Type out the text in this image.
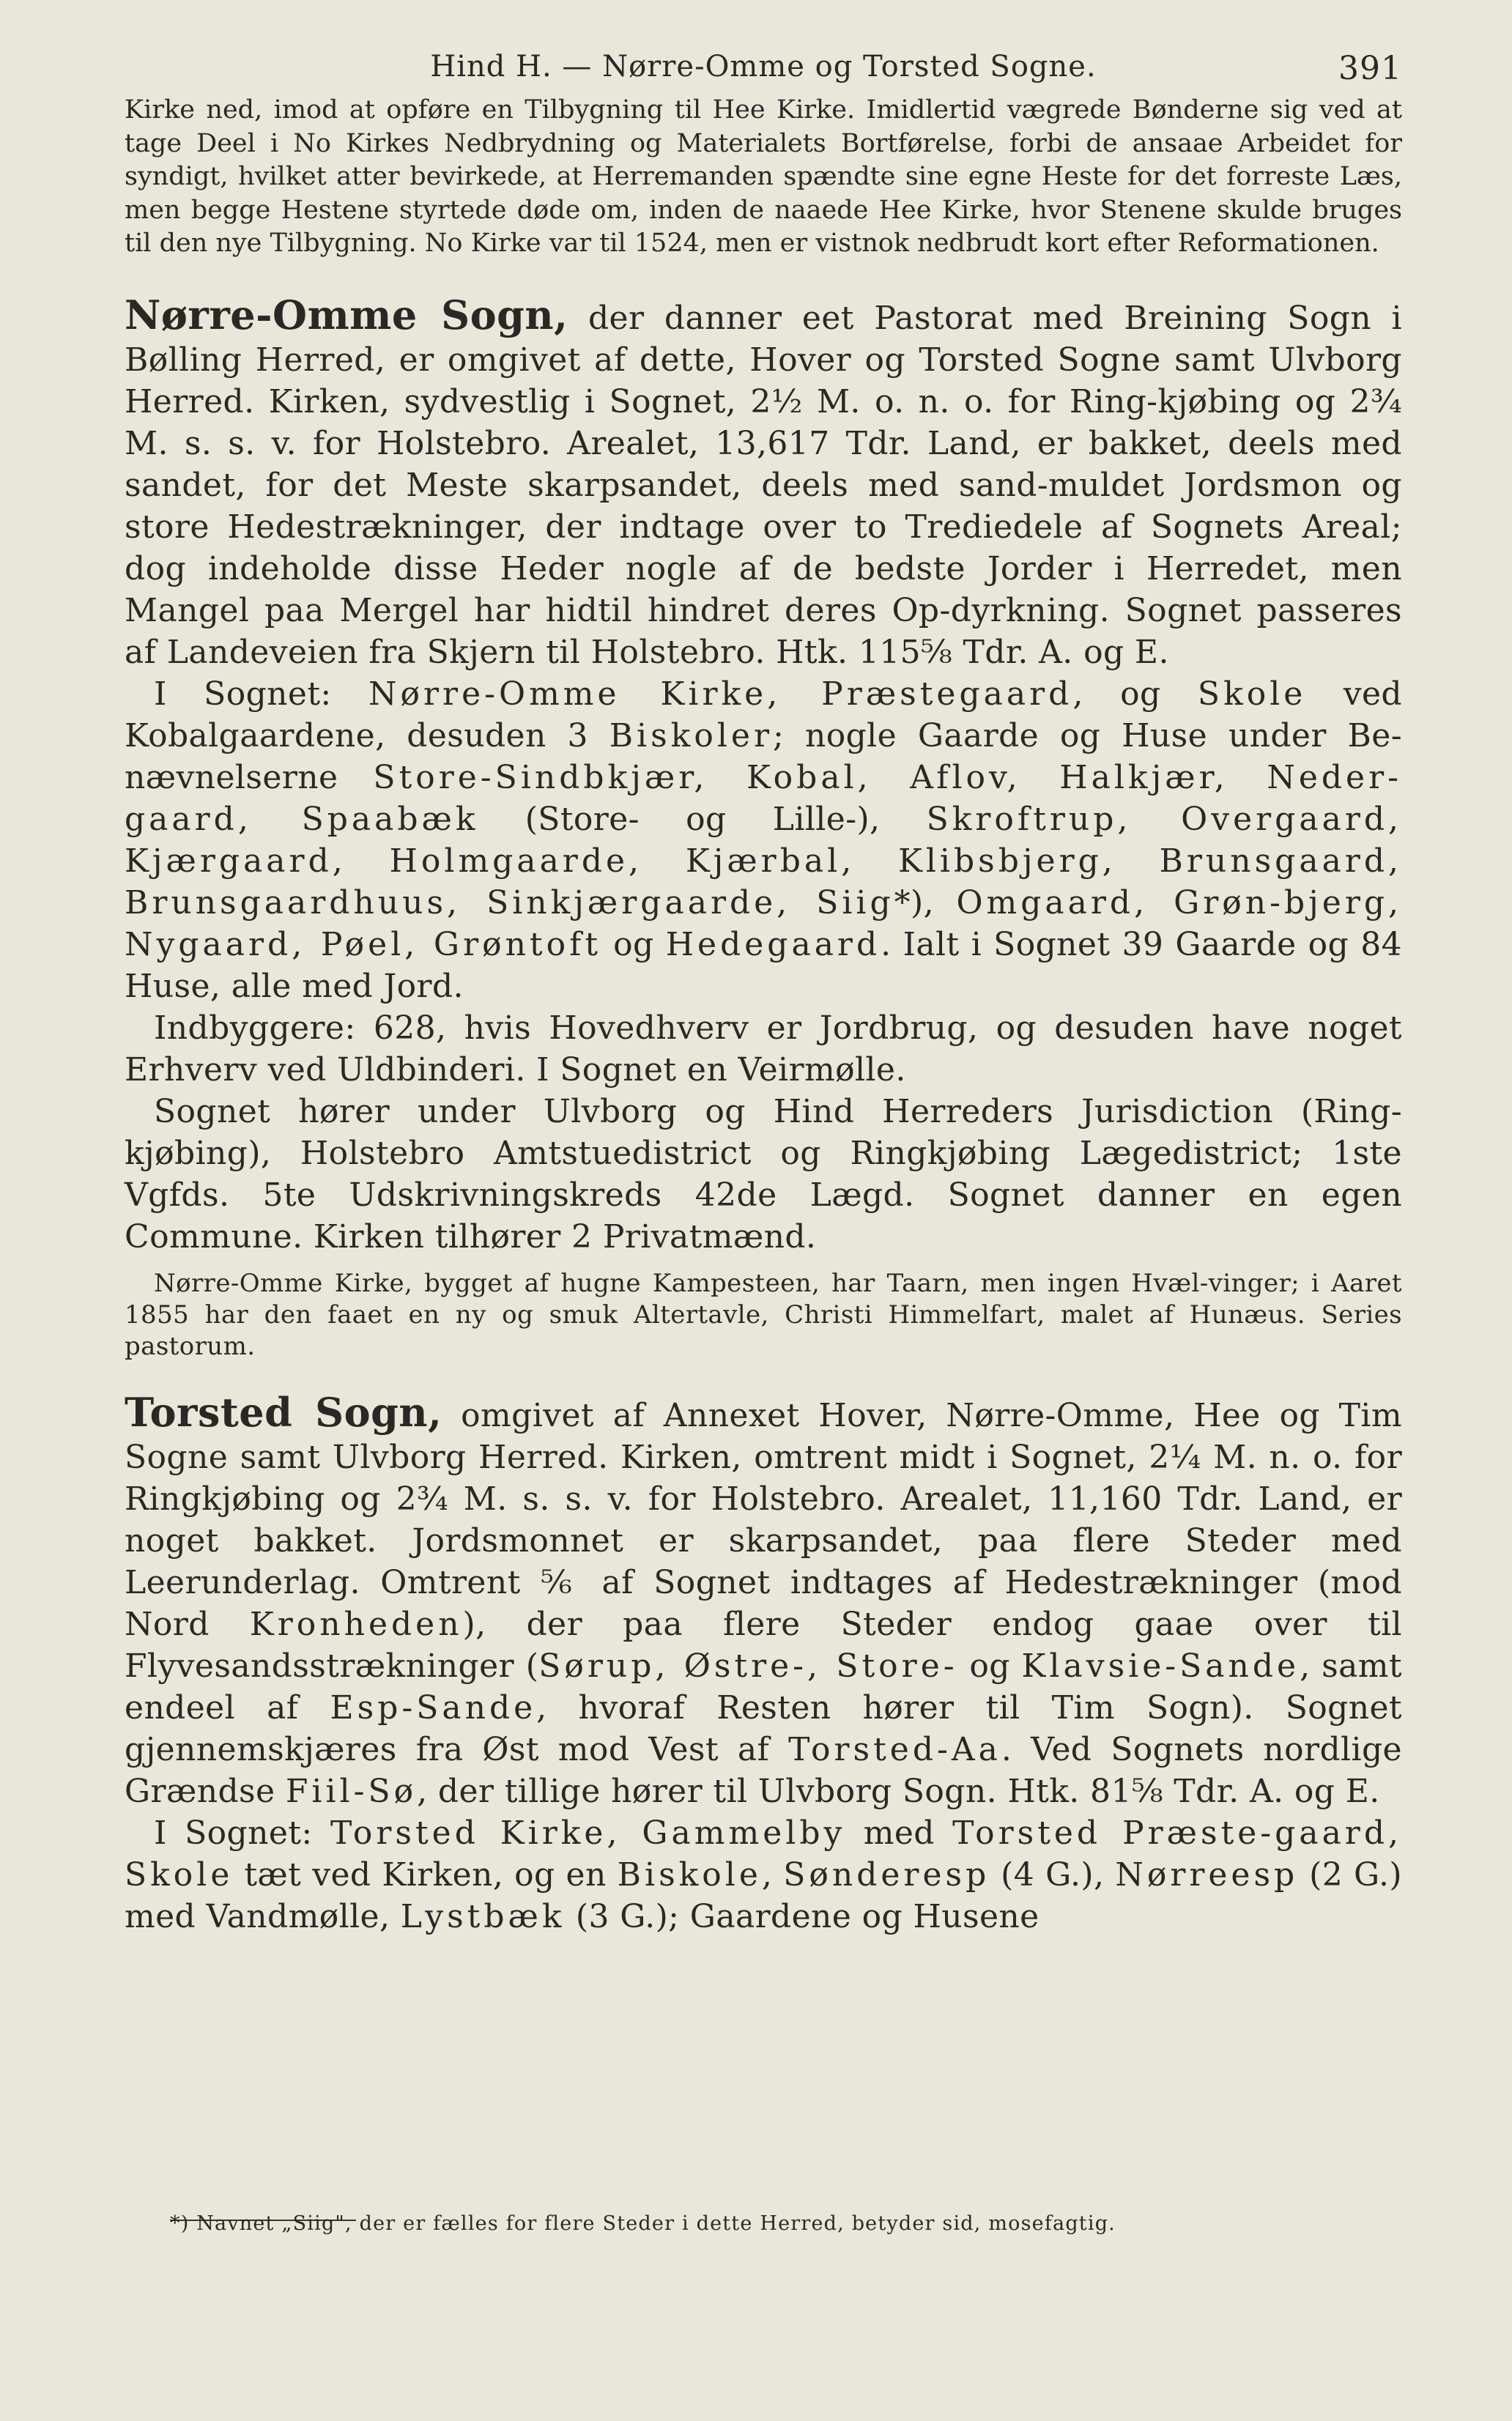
Hind H. — Nørre-Omme og Torsted Sogne.	391

Kirke ned, imod at opføre en Tilbygning til Hee Kirke. Imidlertid vægrede Bønderne sig ved at tage Deel i No Kirkes Nedbrydning og Materialets Bortførelse, forbi de ansaae Arbeidet for syndigt, hvilket atter bevirkede, at Herremanden spændte sine egne Heste for det forreste Læs, men begge Hestene styrtede døde om, inden de naaede Hee Kirke, hvor Stenene skulde bruges til den nye Tilbygning. No Kirke var til 1524, men er vistnok nedbrudt kort efter Reformationen.

Nørre-Omme Sogn, der danner eet Pastorat med Breining Sogn i Bølling Herred, er omgivet af dette, Hover og Torsted Sogne samt Ulvborg Herred. Kirken, sydvestlig i Sognet, 2½ M. o. n. o. for Ring-kjøbing og 2¾ M. s. s. v. for Holstebro. Arealet, 13,617 Tdr. Land, er bakket, deels med sandet, for det Meste skarpsandet, deels med sand-muldet Jordsmon og store Hedestrækninger, der indtage over to Trediedele af Sognets Areal; dog indeholde disse Heder nogle af de bedste Jorder i Herredet, men Mangel paa Mergel har hidtil hindret deres Op-dyrkning. Sognet passeres af Landeveien fra Skjern til Holstebro. Htk. 115⅝ Tdr. A. og E.

I Sognet: Nørre-Omme Kirke, Præstegaard, og Skole ved Kobalgaardene, desuden 3 Biskoler; nogle Gaarde og Huse under Be-nævnelserne Store-Sindbkjær, Kobal, Aflov, Halkjær, Neder-gaard, Spaabæk (Store- og Lille-), Skroftrup, Overgaard, Kjærgaard, Holmgaarde, Kjærbal, Klibsbjerg, Brunsgaard, Brunsgaardhuus, Sinkjærgaarde, Siig*), Omgaard, Grøn-bjerg, Nygaard, Pøel, Grøntoft og Hedegaard. Ialt i Sognet 39 Gaarde og 84 Huse, alle med Jord.

Indbyggere: 628, hvis Hovedhverv er Jordbrug, og desuden have noget Erhverv ved Uldbinderi. I Sognet en Veirmølle.

Sognet hører under Ulvborg og Hind Herreders Jurisdiction (Ring-kjøbing), Holstebro Amtstuedistrict og Ringkjøbing Lægedistrict; 1ste Vgfds. 5te Udskrivningskreds 42de Lægd. Sognet danner en egen Commune. Kirken tilhører 2 Privatmænd.

Nørre-Omme Kirke, bygget af hugne Kampesteen, har Taarn, men ingen Hvæl-vinger; i Aaret 1855 har den faaet en ny og smuk Altertavle, Christi Himmelfart, malet af Hunæus. Series pastorum.

Torsted Sogn, omgivet af Annexet Hover, Nørre-Omme, Hee og Tim Sogne samt Ulvborg Herred. Kirken, omtrent midt i Sognet, 2¼ M. n. o. for Ringkjøbing og 2¾ M. s. s. v. for Holstebro. Arealet, 11,160 Tdr. Land, er noget bakket. Jordsmonnet er skarpsandet, paa flere Steder med Leerunderlag. Omtrent ⅚ af Sognet indtages af Hedestrækninger (mod Nord Kronheden), der paa flere Steder endog gaae over til Flyvesandsstrækninger (Sørup, Østre-, Store- og Klavsie-Sande, samt endeel af Esp-Sande, hvoraf Resten hører til Tim Sogn). Sognet gjennemskjæres fra Øst mod Vest af Torsted-Aa. Ved Sognets nordlige Grændse Fiil-Sø, der tillige hører til Ulvborg Sogn. Htk. 81⅝ Tdr. A. og E.

I Sognet: Torsted Kirke, Gammelby med Torsted Præste-gaard, Skole tæt ved Kirken, og en Biskole, Sønderesp (4 G.), Nørreesp (2 G.) med Vandmølle, Lystbæk (3 G.); Gaardene og Husene

*) Navnet „Siig", der er fælles for flere Steder i dette Herred, betyder sid, mosefagtig.
